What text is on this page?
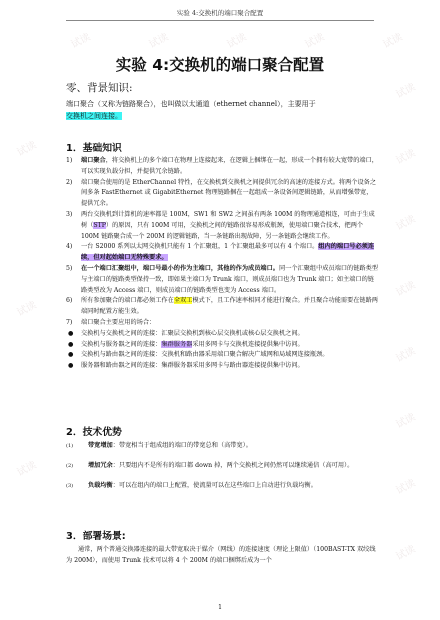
试读	试读	试读	试读	试读
试读
试读
试读
试读
试读
试读
试读
试读
试读
试读
试读
实验 4:交换机的端口聚合配置
实验 4:交换机的端口聚合配置
零、背景知识:
端口聚合（又称为链路聚合），也叫做以太通道（ethernet channel），主要用于
交换机之间连接。
1．基础知识
1) 端口聚合，将交换机上的多个端口在物理上连接起来，在逻辑上捆绑在一起，形成一个拥有较大宽带的端口，可以实现负载分担，并提供冗余链路。
2) 端口聚合使用的是 EtherChannel 特性，在交换机到交换机之间提供冗余的高速的连接方式。将两个设备之间多条 FastEthernet 或 GigabitEthernet 物理链路捆在一起组成一条设备间逻辑链路，从而增强带宽，提供冗余。
3) 两台交换机到计算机的速率都是 100M，SW1 和 SW2 之间虽有两条 100M 的物理通道相连，可由于生成树（STP）的原因，只有 100M 可用，交换机之间的链路很容易形成瓶颈，使用端口聚合技术，把两个 100M 链路聚合成一个 200M 的逻辑链路，当一条链路出现故障，另一条链路会继续工作。
4) 一台 S2000 系列以太网交换机只能有 1 个汇聚组，1 个汇聚组最多可以有 4 个端口。组内的端口号必须连续，但对起始端口无特殊要求。
5) 在一个端口汇聚组中，端口号最小的作为主端口，其他的作为成员端口。同一个汇聚组中成员端口的链路类型与主端口的链路类型保持一致，即如果主端口为 Trunk 端口，则成员端口也为 Trunk 端口；如主端口的链路类型改为 Access 端口，则成员端口的链路类型也变为 Access 端口。
6) 所有参加聚合的端口都必须工作在全双工模式下，且工作速率相同才能进行聚合。并且聚合功能需要在链路两端同时配置方能生效。
7) 端口聚合主要应用的场合：
● 交换机与交换机之间的连接：汇聚层交换机到核心层交换机或核心层交换机之间。
● 交换机与服务器之间的连接：集群服务器采用多网卡与交换机连接提供集中访问。
● 交换机与路由器之间的连接：交换机和路由器采用端口聚合解决广域网和局域网连接瓶颈。
● 服务器和路由器之间的连接：集群服务器采用多网卡与路由器连接提供集中访问。
2．技术优势
(1) 带宽增加：带宽相当于组成组的端口的带宽总和（高带宽）。
(2) 增加冗余：只要组内不是所有的端口都 down 掉，两个交换机之间仍然可以继续通信（高可用）。
(3) 负载均衡：可以在组内的端口上配置，使流量可以在这些端口上自动进行负载均衡。
3．部署场景:
通常，两个普通交换器连接的最大带宽取决于媒介（网线）的连接速度（理论上限值）（100BAST-TX 双绞线为 200M），而使用 Trunk 技术可以将 4 个 200M 的端口捆绑后成为一个
1
